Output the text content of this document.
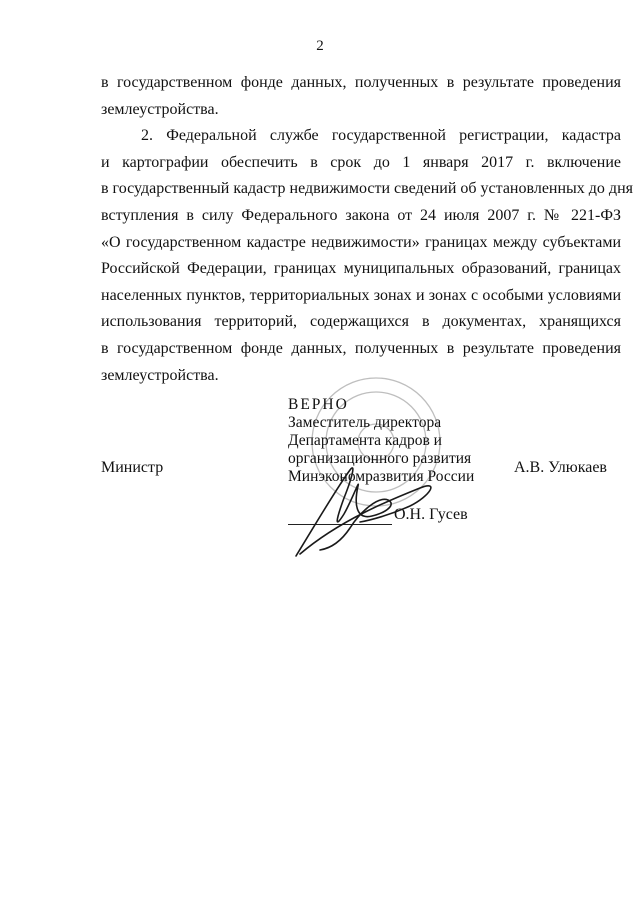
2
в государственном фонде данных, полученных в результате проведения
землеустройства.
2. Федеральной службе государственной регистрации, кадастра
и картографии обеспечить в срок до 1 января 2017 г. включение
в государственный кадастр недвижимости сведений об установленных до дня
вступления в силу Федерального закона от 24 июля 2007 г. № 221-ФЗ
«О государственном кадастре недвижимости» границах между субъектами
Российской Федерации, границах муниципальных образований, границах
населенных пунктов, территориальных зонах и зонах с особыми условиями
использования территорий, содержащихся в документах, хранящихся
в государственном фонде данных, полученных в результате проведения
землеустройства.
Министр
ВЕРНО
Заместитель директора
Департамента кадров и
организационного развития
Минэкономразвития России
А.В. Улюкаев
О.Н. Гусев
